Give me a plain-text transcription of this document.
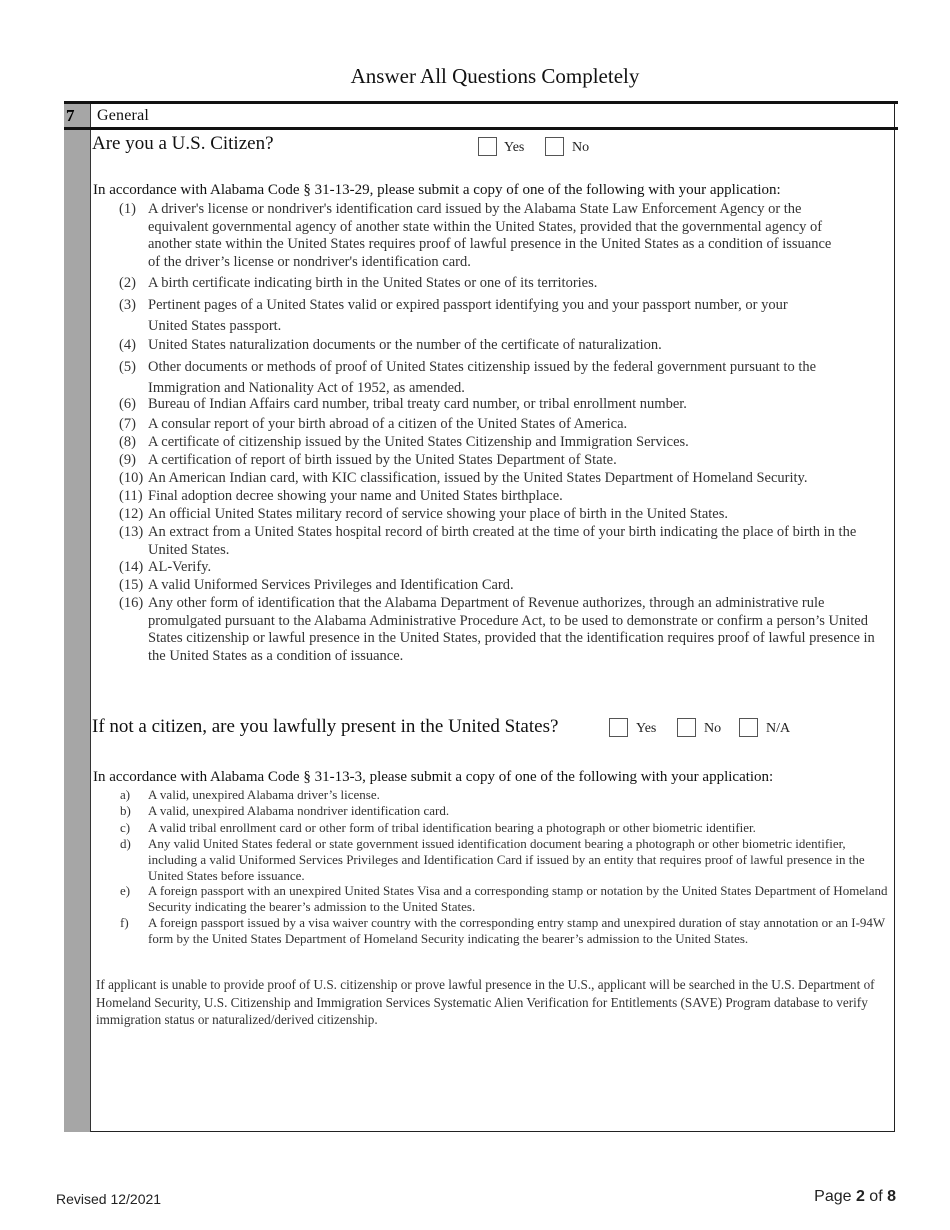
Answer All Questions Completely
7 General
Are you a U.S. Citizen?	Yes	No
In accordance with Alabama Code § 31-13-29, please submit a copy of one of the following with your application:
(1) A driver's license or nondriver's identification card issued by the Alabama State Law Enforcement Agency or the equivalent governmental agency of another state within the United States, provided that the governmental agency of another state within the United States requires proof of lawful presence in the United States as a condition of issuance of the driver’s license or nondriver's identification card.
(2) A birth certificate indicating birth in the United States or one of its territories.
(3) Pertinent pages of a United States valid or expired passport identifying you and your passport number, or your United States passport.
(4) United States naturalization documents or the number of the certificate of naturalization.
(5) Other documents or methods of proof of United States citizenship issued by the federal government pursuant to the Immigration and Nationality Act of 1952, as amended.
(6) Bureau of Indian Affairs card number, tribal treaty card number, or tribal enrollment number.
(7) A consular report of your birth abroad of a citizen of the United States of America.
(8) A certificate of citizenship issued by the United States Citizenship and Immigration Services.
(9) A certification of report of birth issued by the United States Department of State.
(10) An American Indian card, with KIC classification, issued by the United States Department of Homeland Security.
(11) Final adoption decree showing your name and United States birthplace.
(12) An official United States military record of service showing your place of birth in the United States.
(13) An extract from a United States hospital record of birth created at the time of your birth indicating the place of birth in the United States.
(14) AL-Verify.
(15) A valid Uniformed Services Privileges and Identification Card.
(16) Any other form of identification that the Alabama Department of Revenue authorizes, through an administrative rule promulgated pursuant to the Alabama Administrative Procedure Act, to be used to demonstrate or confirm a person’s United States citizenship or lawful presence in the United States, provided that the identification requires proof of lawful presence in the United States as a condition of issuance.
If not a citizen, are you lawfully present in the United States?	Yes	No	N/A
In accordance with Alabama Code § 31-13-3, please submit a copy of one of the following with your application:
a) A valid, unexpired Alabama driver’s license.
b) A valid, unexpired Alabama nondriver identification card.
c) A valid tribal enrollment card or other form of tribal identification bearing a photograph or other biometric identifier.
d) Any valid United States federal or state government issued identification document bearing a photograph or other biometric identifier, including a valid Uniformed Services Privileges and Identification Card if issued by an entity that requires proof of lawful presence in the United States before issuance.
e) A foreign passport with an unexpired United States Visa and a corresponding stamp or notation by the United States Department of Homeland Security indicating the bearer’s admission to the United States.
f) A foreign passport issued by a visa waiver country with the corresponding entry stamp and unexpired duration of stay annotation or an I-94W form by the United States Department of Homeland Security indicating the bearer’s admission to the United States.
If applicant is unable to provide proof of U.S. citizenship or prove lawful presence in the U.S., applicant will be searched in the U.S. Department of Homeland Security, U.S. Citizenship and Immigration Services Systematic Alien Verification for Entitlements (SAVE) Program database to verify immigration status or naturalized/derived citizenship.
Revised 12/2021	Page 2 of 8
